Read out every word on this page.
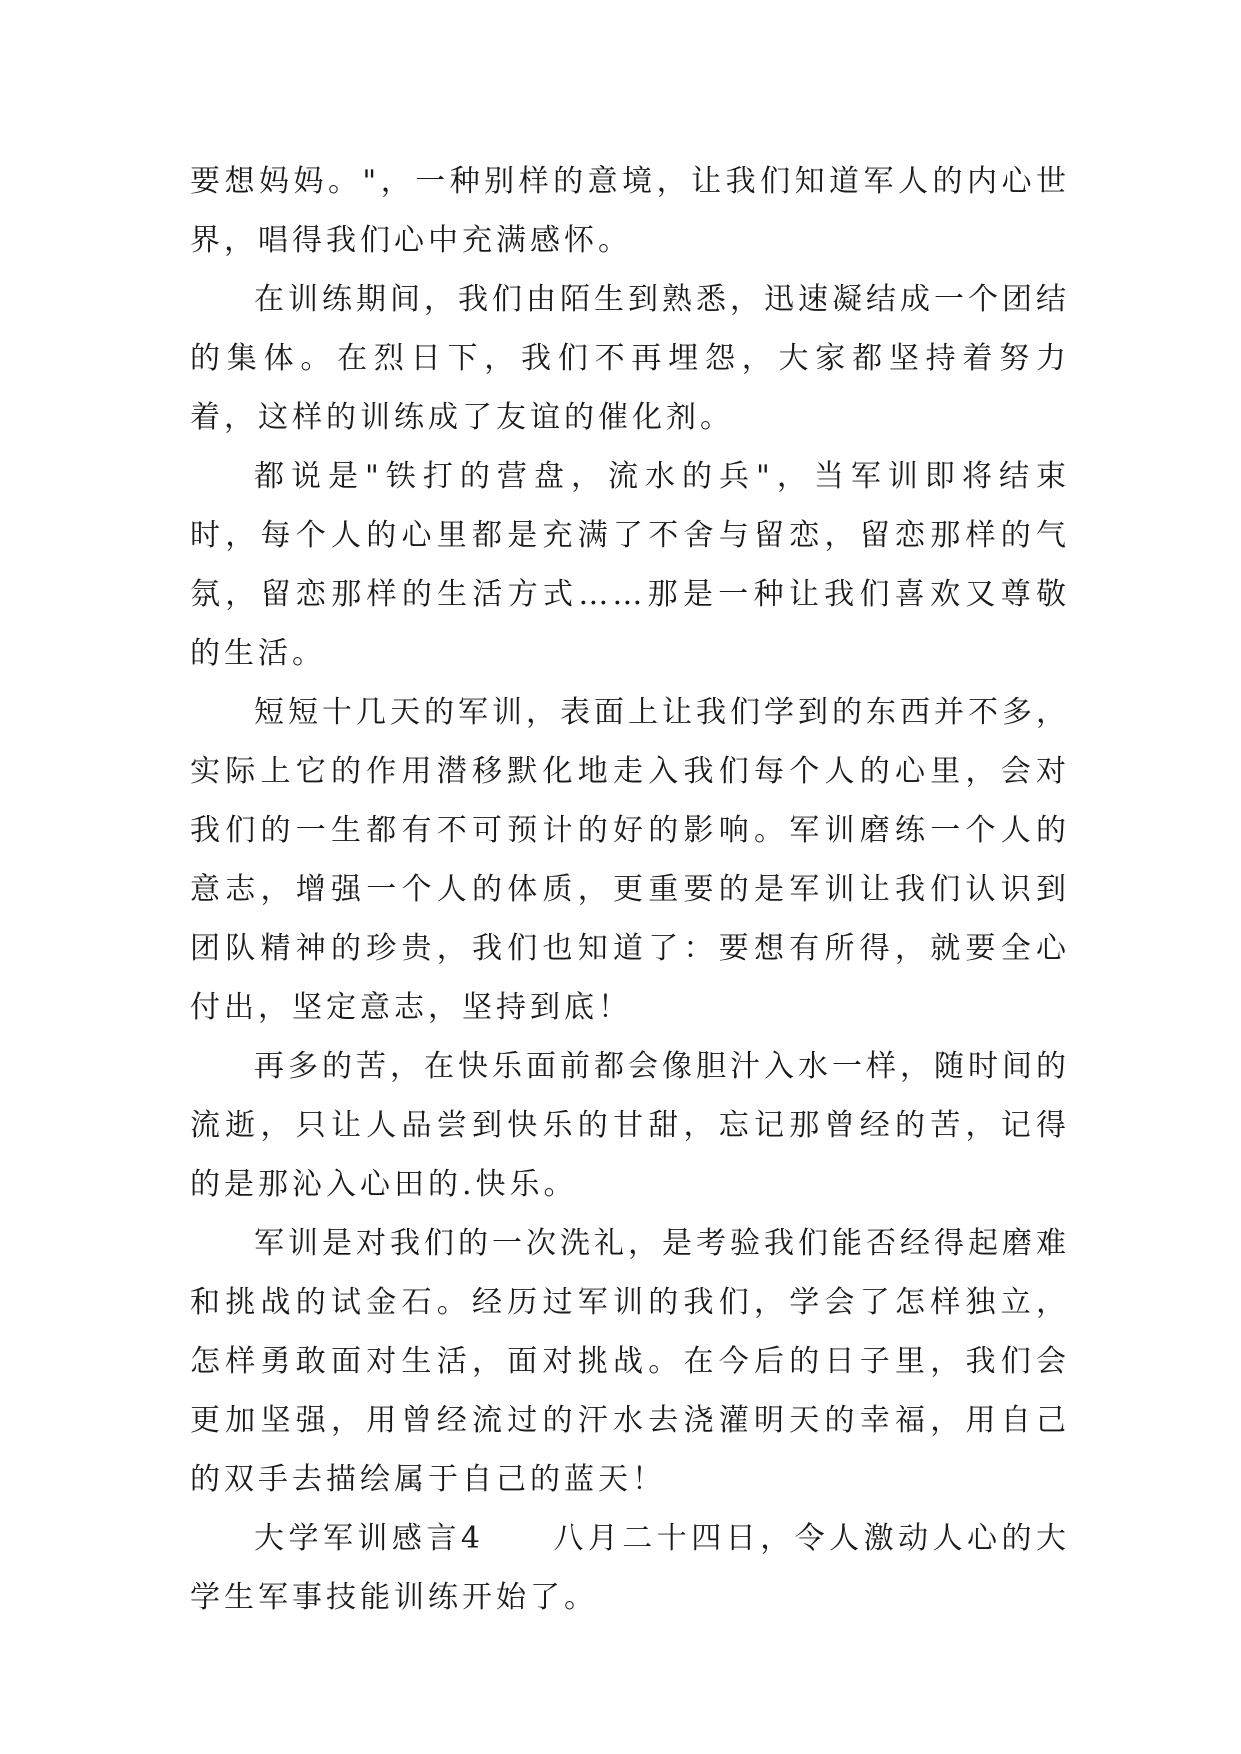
要想妈妈。"，一种别样的意境，让我们知道军人的内心世界，唱得我们心中充满感怀。

在训练期间，我们由陌生到熟悉，迅速凝结成一个团结的集体。在烈日下，我们不再埋怨，大家都坚持着努力着，这样的训练成了友谊的催化剂。

都说是"铁打的营盘，流水的兵"，当军训即将结束时，每个人的心里都是充满了不舍与留恋，留恋那样的气氛，留恋那样的生活方式……那是一种让我们喜欢又尊敬的生活。

短短十几天的军训，表面上让我们学到的东西并不多，实际上它的作用潜移默化地走入我们每个人的心里，会对我们的一生都有不可预计的好的影响。军训磨练一个人的意志，增强一个人的体质，更重要的是军训让我们认识到团队精神的珍贵，我们也知道了：要想有所得，就要全心付出，坚定意志，坚持到底！

再多的苦，在快乐面前都会像胆汁入水一样，随时间的流逝，只让人品尝到快乐的甘甜，忘记那曾经的苦，记得的是那沁入心田的.快乐。

军训是对我们的一次洗礼，是考验我们能否经得起磨难和挑战的试金石。经历过军训的我们，学会了怎样独立，怎样勇敢面对生活，面对挑战。在今后的日子里，我们会更加坚强，用曾经流过的汗水去浇灌明天的幸福，用自己的双手去描绘属于自己的蓝天！

大学军训感言4　　八月二十四日，令人激动人心的大学生军事技能训练开始了。
